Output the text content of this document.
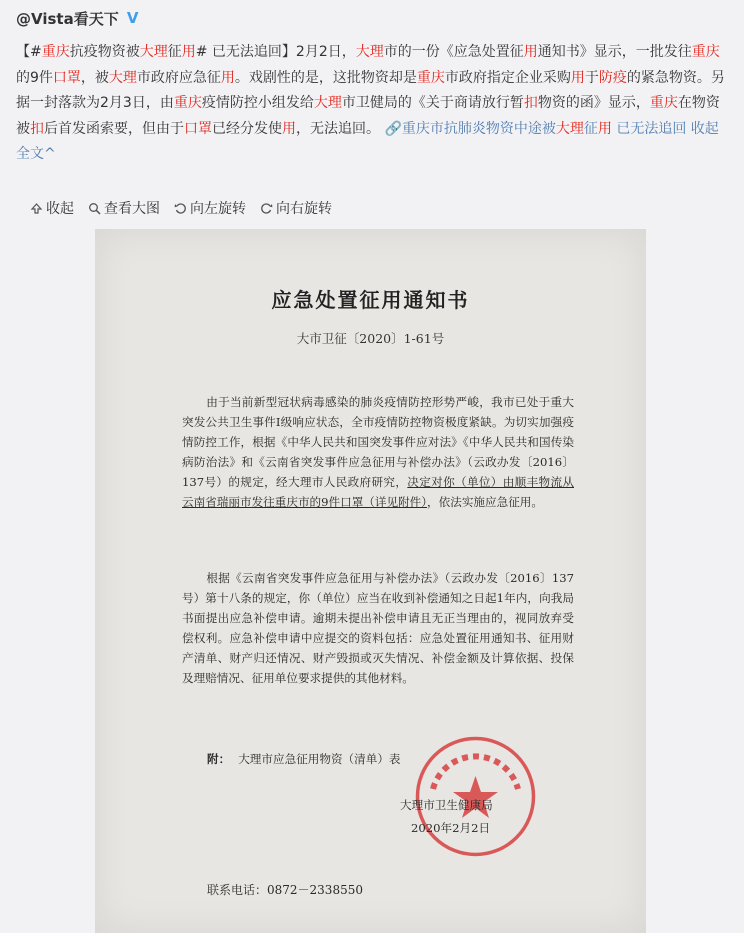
@Vista看天下 V
【#重庆抗疫物资被大理征用# 已无法追回】2月2日，大理市的一份《应急处置征用通知书》显示，一批发往重庆的9件口罩，被大理市政府应急征用。戏剧性的是，这批物资却是重庆市政府指定企业采购用于防疫的紧急物资。另据一封落款为2月3日，由重庆疫情防控小组发给大理市卫健局的《关于商请放行暂扣物资的函》显示，重庆在物资被扣后首发函索要，但由于口罩已经分发使用，无法追回。 🔗重庆市抗肺炎物资中途被大理征用 已无法追回 收起全文^
收起 查看大图 向左旋转 向右旋转
应急处置征用通知书
大市卫征〔2020〕1-61号
由于当前新型冠状病毒感染的肺炎疫情防控形势严峻，我市已处于重大突发公共卫生事件Ⅰ级响应状态，全市疫情防控物资极度紧缺。为切实加强疫情防控工作，根据《中华人民共和国突发事件应对法》《中华人民共和国传染病防治法》和《云南省突发事件应急征用与补偿办法》（云政办发〔2016〕137号）的规定，经大理市人民政府研究，决定对你（单位）由顺丰物流从云南省瑞丽市发往重庆市的9件口罩（详见附件），依法实施应急征用。
根据《云南省突发事件应急征用与补偿办法》（云政办发〔2016〕137号）第十八条的规定，你（单位）应当在收到补偿通知之日起1年内，向我局书面提出应急补偿申请。逾期未提出补偿申请且无正当理由的，视同放弃受偿权利。应急补偿申请中应提交的资料包括：应急处置征用通知书、征用财产清单、财产归还情况、财产毁损或灭失情况、补偿金额及计算依据、投保及理赔情况、征用单位要求提供的其他材料。
附： 大理市应急征用物资（清单）表
大理市卫生健康局
2020年2月2日
联系电话：0872－2338550
